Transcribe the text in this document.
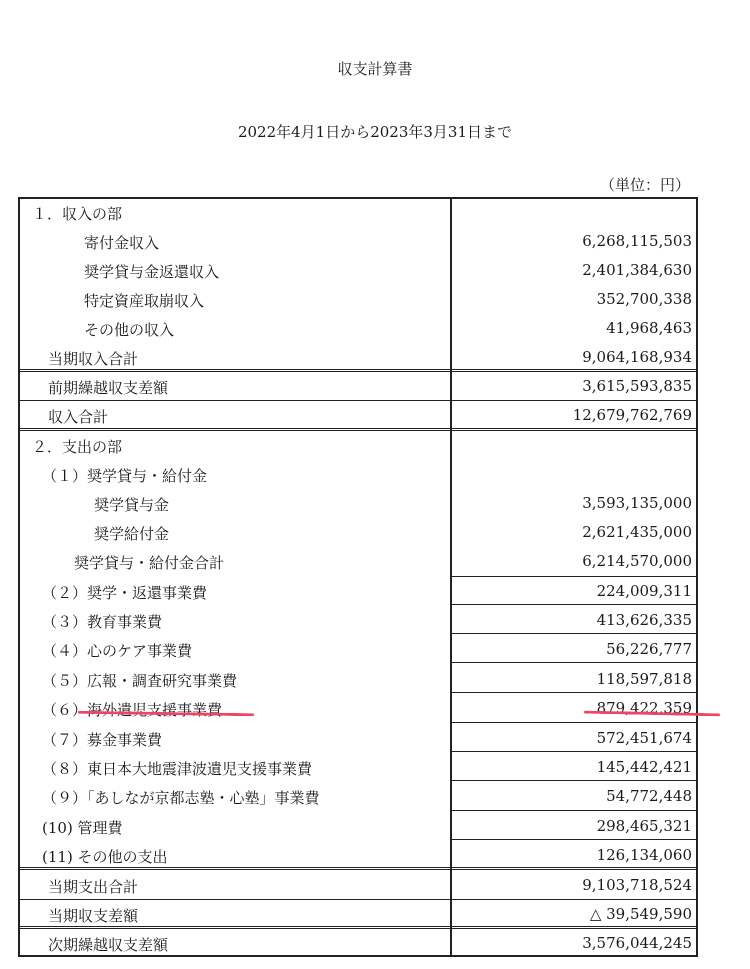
収支計算書
2022年4月1日から2023年3月31日まで
（単位：円）
１．収入の部
寄付金収入	6,268,115,503
奨学貸与金返還収入	2,401,384,630
特定資産取崩収入	352,700,338
その他の収入	41,968,463
当期収入合計	9,064,168,934
前期繰越収支差額	3,615,593,835
収入合計	12,679,762,769
２．支出の部
（１）奨学貸与・給付金
奨学貸与金	3,593,135,000
奨学給付金	2,621,435,000
奨学貸与・給付金合計	6,214,570,000
（２）奨学・返還事業費	224,009,311
（３）教育事業費	413,626,335
（４）心のケア事業費	56,226,777
（５）広報・調査研究事業費	118,597,818
（６）海外遺児支援事業費	879,422,359
（７）募金事業費	572,451,674
（８）東日本大地震津波遺児支援事業費	145,442,421
（９）「あしなが京都志塾・心塾」事業費	54,772,448
(10) 管理費	298,465,321
(11) その他の支出	126,134,060
当期支出合計	9,103,718,524
当期収支差額	△ 39,549,590
次期繰越収支差額	3,576,044,245
